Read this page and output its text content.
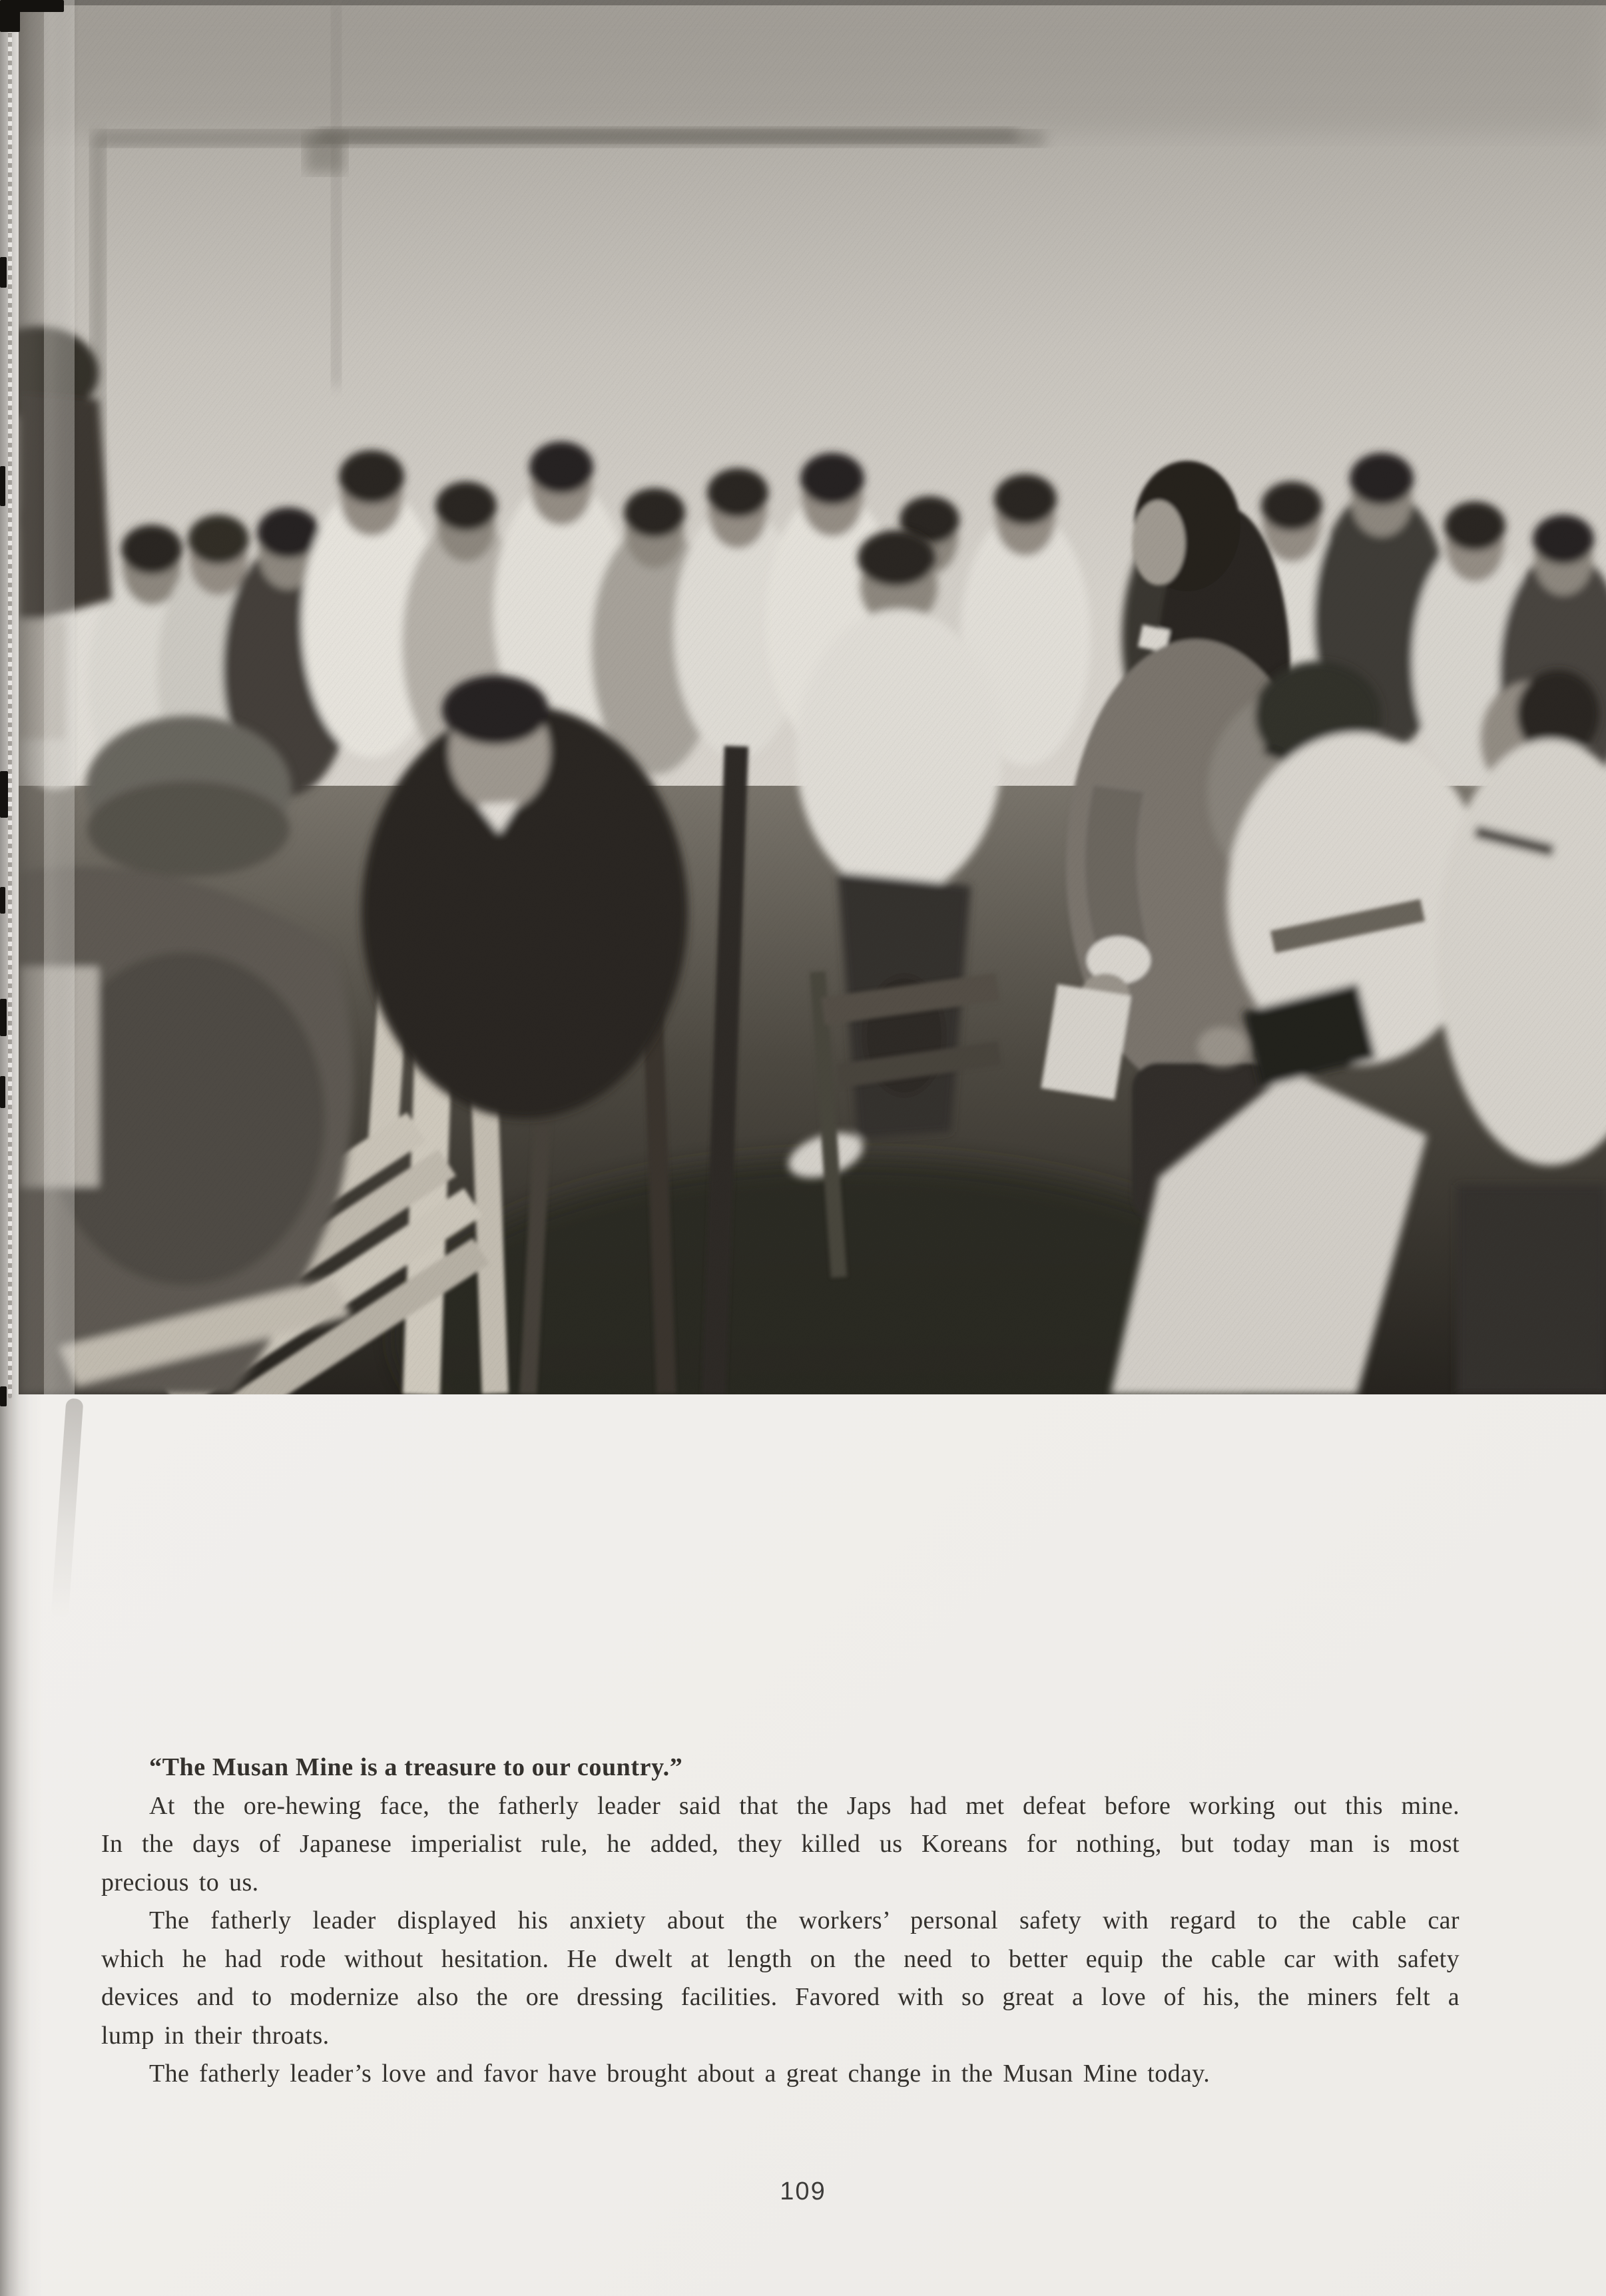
“The Musan Mine is a treasure to our country.”

At the ore-hewing face, the fatherly leader said that the Japs had met defeat before working out this mine.
In the days of Japanese imperialist rule, he added, they killed us Koreans for nothing, but today man is most
precious to us.

The fatherly leader displayed his anxiety about the workers’ personal safety with regard to the cable car
which he had rode without hesitation. He dwelt at length on the need to better equip the cable car with safety
devices and to modernize also the ore dressing facilities. Favored with so great a love of his, the miners felt a
lump in their throats.

The fatherly leader’s love and favor have brought about a great change in the Musan Mine today.

109
